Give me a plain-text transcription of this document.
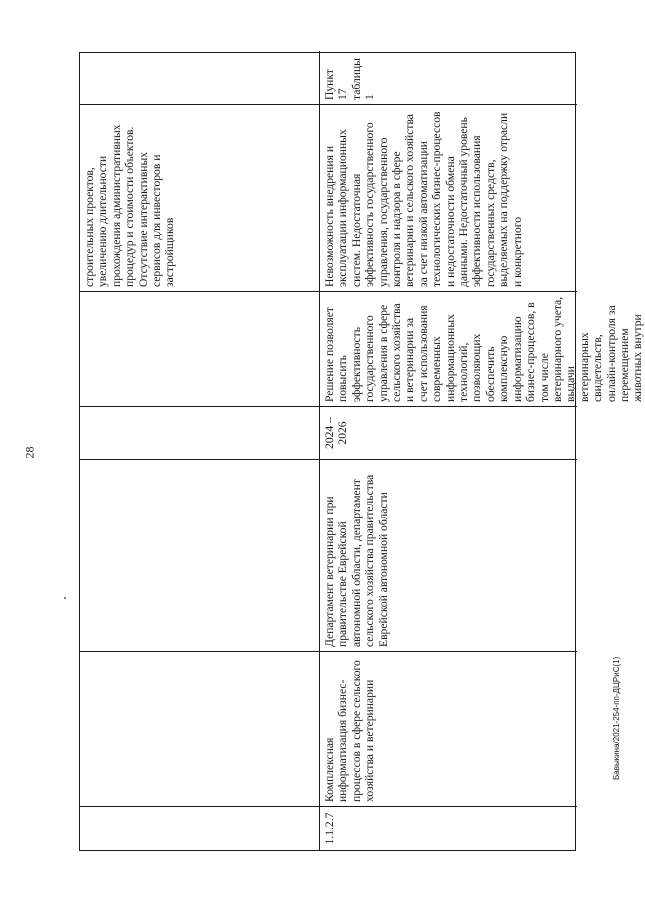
28
строительных проектов, увеличению длительности прохождения административных процедур и стоимости объектов. Отсутствие интерактивных сервисов для инвесторов и застройщиков
1.1.2.7
Комплексная информатизация бизнес-процессов в сфере сельского хозяйства и ветеринарии
Департамент ветеринарии при правительстве Еврейской автономной области, департамент сельского хозяйства правительства Еврейской автономной области
2024 – 2026
Решение позволяет повысить эффективность государственного управления в сфере сельского хозяйства и ветеринарии за счет использования современных информационных технологий, позволяющих обеспечить комплексную информатизацию бизнес-процессов, в том числе ветеринарного учета, выдачи ветеринарных свидетельств, онлайн-контроля за перемещением животных внутри
Невозможность внедрения и эксплуатации информационных систем. Недостаточная эффективность государственного управления, государственного контроля и надзора в сфере ветеринарии и сельского хозяйства за счет низкой автоматизации технологических бизнес-процессов и недостаточности обмена данными. Недостаточный уровень эффективности использования государственных средств, выделяемых на поддержку отрасли и конкретного
Пункт 17 таблицы 1
Бавыкина/2021-254-пп-ДЦРиС(1)
